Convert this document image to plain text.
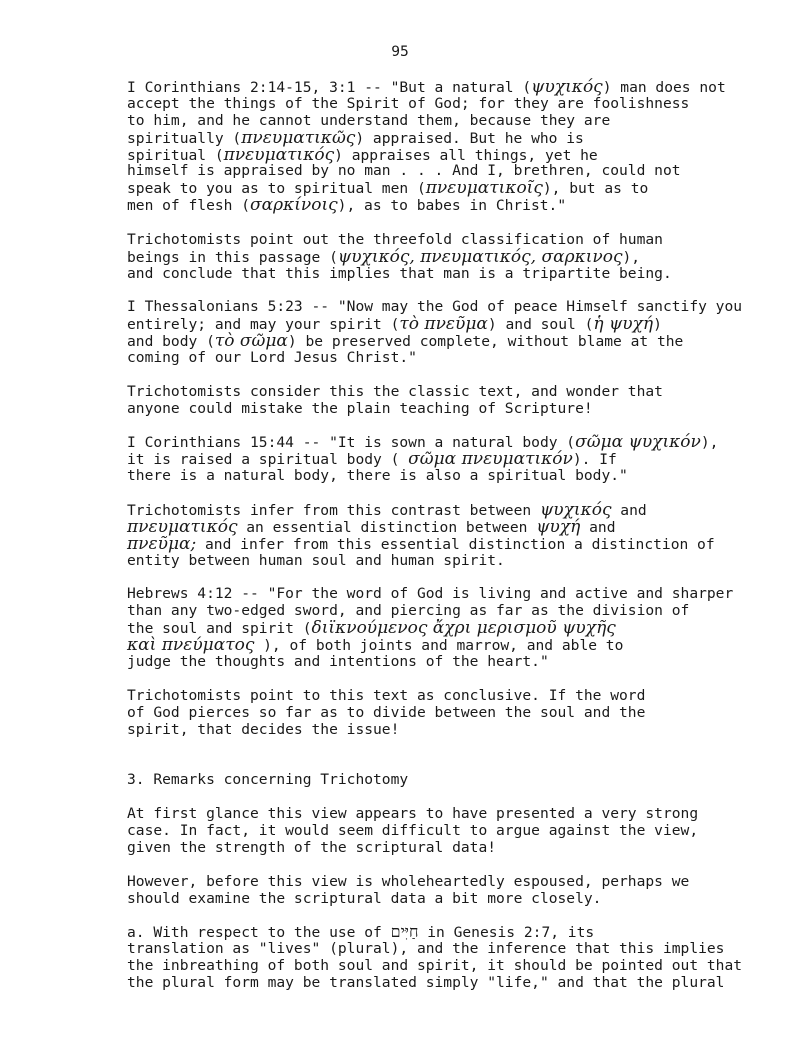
95
I Corinthians 2:14-15, 3:1 -- "But a natural (ψυχικός) man does not
accept the things of the Spirit of God; for they are foolishness
to him, and he cannot understand them, because they are
spiritually (πνευματικῶς) appraised. But he who is
spiritual (πνευματικός) appraises all things, yet he
himself is appraised by no man . . . And I, brethren, could not
speak to you as to spiritual men (πνευματικοῖς), but as to
men of flesh (σαρκίνοις), as to babes in Christ."
Trichotomists point out the threefold classification of human
beings in this passage (ψυχικός, πνευματικός, σαρκινος),
and conclude that this implies that man is a tripartite being.
I Thessalonians 5:23 -- "Now may the God of peace Himself sanctify you
entirely; and may your spirit (τὸ πνεῦμα) and soul (ἡ ψυχή)
and body (τὸ σῶμα) be preserved complete, without blame at the
coming of our Lord Jesus Christ."
Trichotomists consider this the classic text, and wonder that
anyone could mistake the plain teaching of Scripture!
I Corinthians 15:44 -- "It is sown a natural body (σῶμα ψυχικόν),
it is raised a spiritual body ( σῶμα πνευματικόν). If
there is a natural body, there is also a spiritual body."
Trichotomists infer from this contrast between ψυχικός and
πνευματικός an essential distinction between ψυχή and
πνεῦμα; and infer from this essential distinction a distinction of
entity between human soul and human spirit.
Hebrews 4:12 -- "For the word of God is living and active and sharper
than any two-edged sword, and piercing as far as the division of
the soul and spirit (διϊκνούμενος ἄχρι μερισμοῦ ψυχῆς
καὶ πνεύματος ), of both joints and marrow, and able to
judge the thoughts and intentions of the heart."
Trichotomists point to this text as conclusive. If the word
of God pierces so far as to divide between the soul and the
spirit, that decides the issue!
3. Remarks concerning Trichotomy
At first glance this view appears to have presented a very strong
case. In fact, it would seem difficult to argue against the view,
given the strength of the scriptural data!
However, before this view is wholeheartedly espoused, perhaps we
should examine the scriptural data a bit more closely.
a. With respect to the use of חַיִּים in Genesis 2:7, its
translation as "lives" (plural), and the inference that this implies
the inbreathing of both soul and spirit, it should be pointed out that
the plural form may be translated simply "life," and that the plural
